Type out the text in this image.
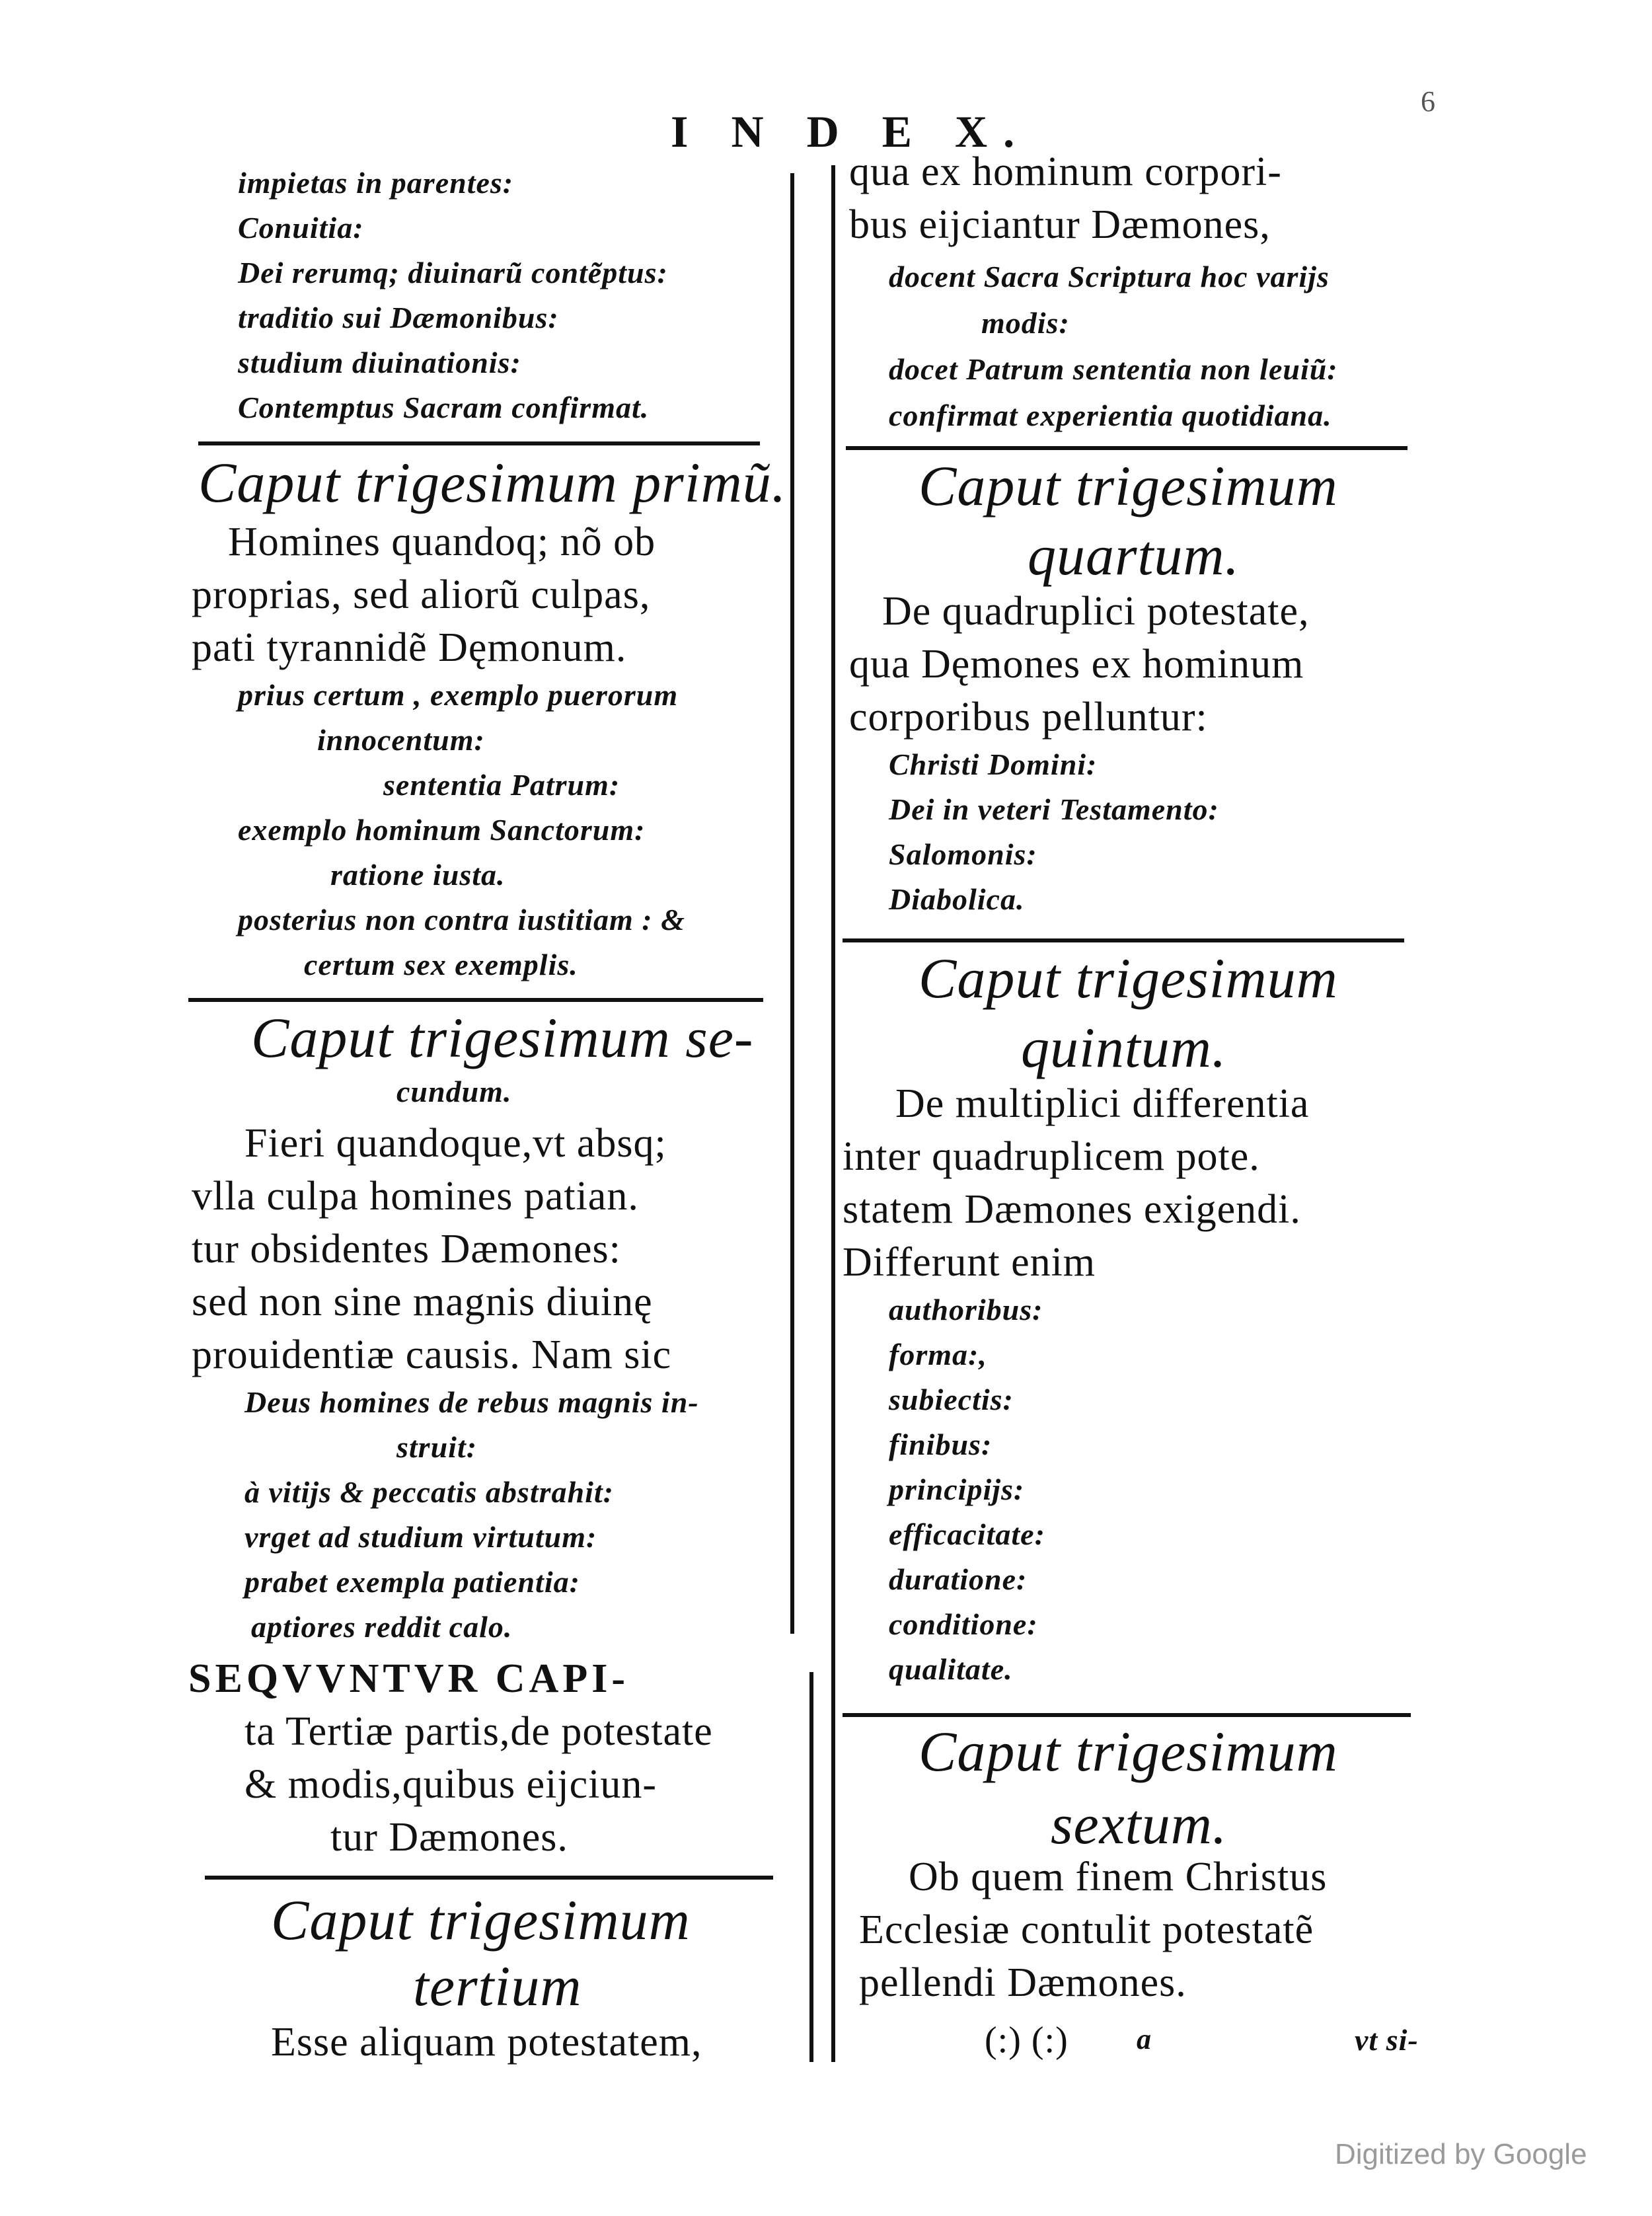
I N D E X.
6
impietas in parentes:
Conuitia:
Dei rerumq; diuinarũ contẽptus:
traditio sui Dæmonibus:
studium diuinationis:
Contemptus Sacram confirmat.
Caput trigesimum primũ.
Homines quandoq; nõ ob
proprias, sed aliorũ culpas,
pati tyrannidẽ Dęmonum.
prius certum , exemplo puerorum
innocentum:
sententia Patrum:
exemplo hominum Sanctorum:
ratione iusta.
posterius non contra iustitiam : &
certum sex exemplis.
Caput trigesimum se-
cundum.
Fieri quandoque,vt absq;
vlla culpa homines patian.
tur obsidentes Dæmones:
sed non sine magnis diuinę
prouidentiæ causis. Nam sic
Deus homines de rebus magnis in-
struit:
à vitijs & peccatis abstrahit:
vrget ad studium virtutum:
prabet exempla patientia:
aptiores reddit calo.
SEQVVNTVR CAPI-
ta Tertiæ partis,de potestate
& modis,quibus eijciun-
tur Dæmones.
Caput trigesimum
tertium
Esse aliquam potestatem,
qua ex hominum corpori-
bus eijciantur Dæmones,
docent Sacra Scriptura hoc varijs
modis:
docet Patrum sententia non leuiũ:
confirmat experientia quotidiana.
Caput trigesimum
quartum.
De quadruplici potestate,
qua Dęmones ex hominum
corporibus pelluntur:
Christi Domini:
Dei in veteri Testamento:
Salomonis:
Diabolica.
Caput trigesimum
quintum.
De multiplici differentia
inter quadruplicem pote.
statem Dæmones exigendi.
Differunt enim
authoribus:
forma:,
subiectis:
finibus:
principijs:
efficacitate:
duratione:
conditione:
qualitate.
Caput trigesimum
sextum.
Ob quem finem Christus
Ecclesiæ contulit potestatẽ
pellendi Dæmones.
(:) (:) a	vt si-
Digitized by Google
